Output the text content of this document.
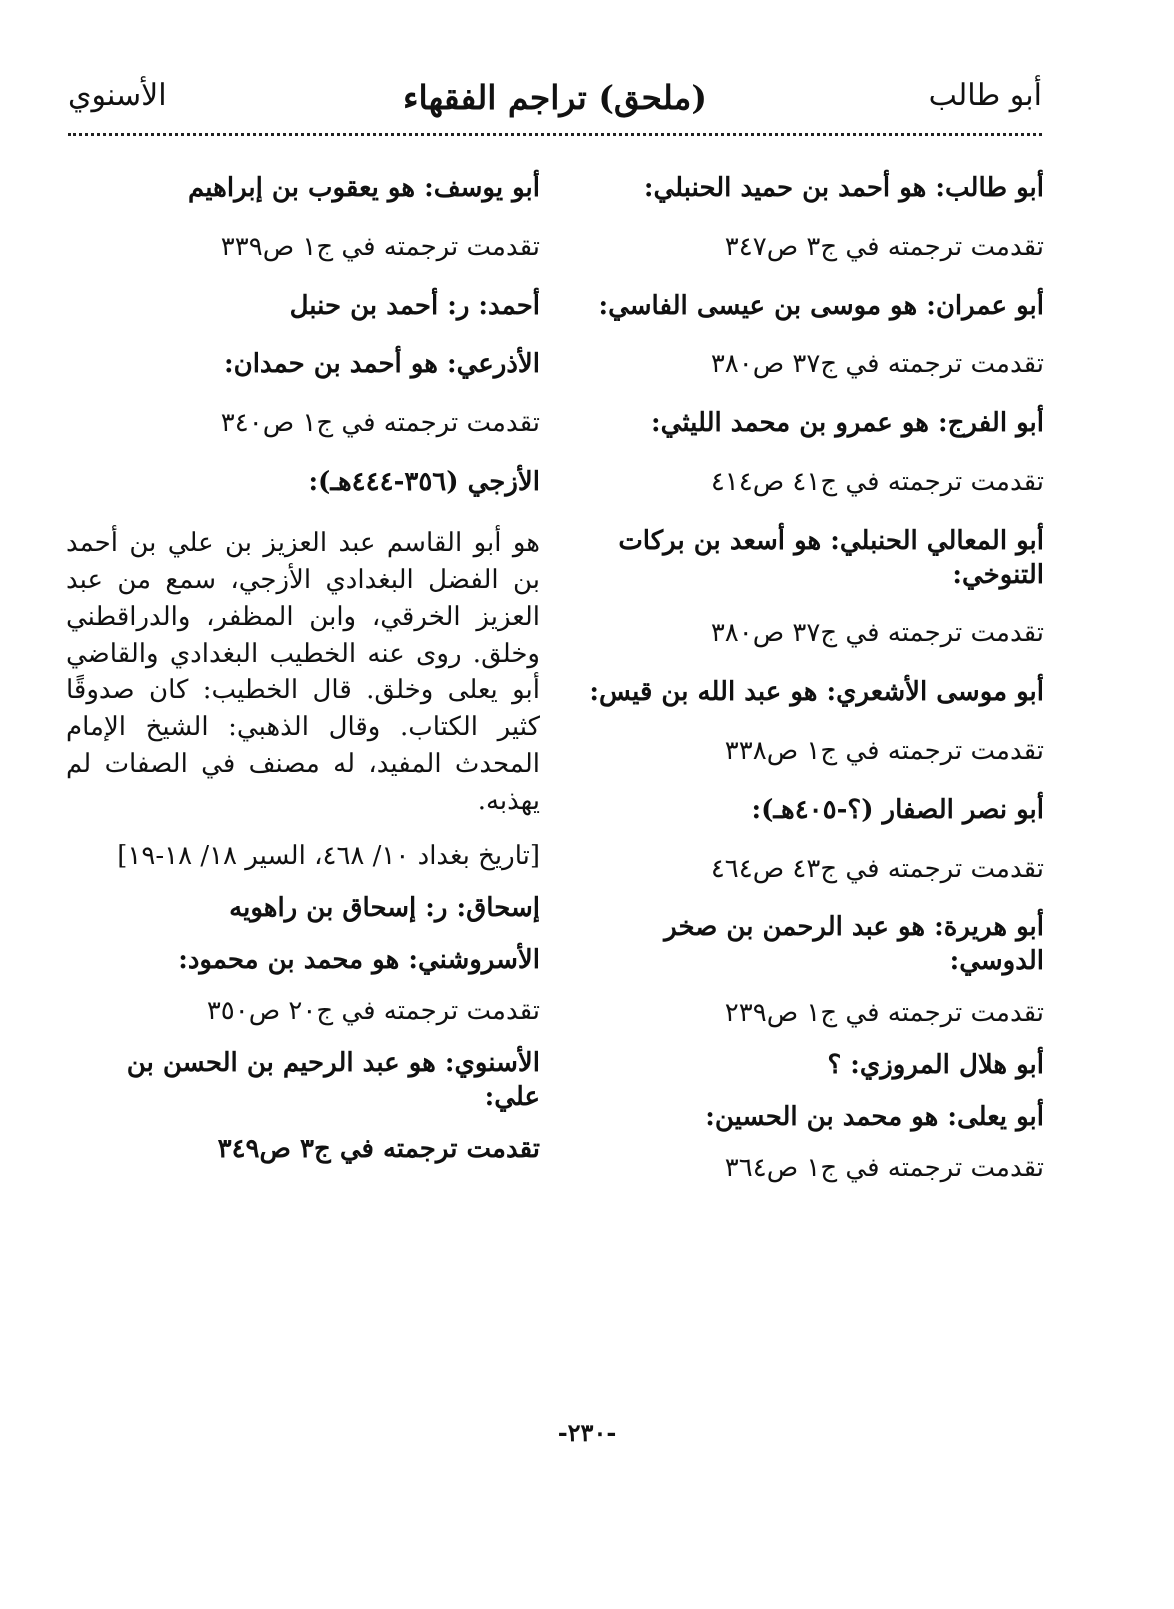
أبو طالب
(ملحق) تراجم الفقهاء
الأسنوي

أبو طالب: هو أحمد بن حميد الحنبلي:

تقدمت ترجمته في ج٣ ص٣٤٧

أبو عمران: هو موسى بن عيسى الفاسي:

تقدمت ترجمته في ج٣٧ ص٣٨٠

أبو الفرج: هو عمرو بن محمد الليثي:

تقدمت ترجمته في ج٤١ ص٤١٤

أبو المعالي الحنبلي: هو أسعد بن بركات التنوخي:

تقدمت ترجمته في ج٣٧ ص٣٨٠

أبو موسى الأشعري: هو عبد الله بن قيس:

تقدمت ترجمته في ج١ ص٣٣٨

أبو نصر الصفار (؟-٤٠٥هـ):

تقدمت ترجمته في ج٤٣ ص٤٦٤

أبو هريرة: هو عبد الرحمن بن صخر الدوسي:

تقدمت ترجمته في ج١ ص٢٣٩

أبو هلال المروزي: ؟

أبو يعلى: هو محمد بن الحسين:

تقدمت ترجمته في ج١ ص٣٦٤

أبو يوسف: هو يعقوب بن إبراهيم

تقدمت ترجمته في ج١ ص٣٣٩

أحمد: ر: أحمد بن حنبل

الأذرعي: هو أحمد بن حمدان:

تقدمت ترجمته في ج١ ص٣٤٠

الأزجي (٣٥٦-٤٤٤هـ):

هو أبو القاسم عبد العزيز بن علي بن أحمد بن الفضل البغدادي الأزجي، سمع من عبد العزيز الخرقي، وابن المظفر، والدراقطني وخلق. روى عنه الخطيب البغدادي والقاضي أبو يعلى وخلق. قال الخطيب: كان صدوقًا كثير الكتاب. وقال الذهبي: الشيخ الإمام المحدث المفيد، له مصنف في الصفات لم يهذبه.

[تاريخ بغداد ١٠/ ٤٦٨، السير ١٨/ ١٨-١٩]

إسحاق: ر: إسحاق بن راهويه

الأسروشني: هو محمد بن محمود:

تقدمت ترجمته في ج٢٠ ص٣٥٠

الأسنوي: هو عبد الرحيم بن الحسن بن علي:

تقدمت ترجمته في ج٣ ص٣٤٩

-٢٣٠-
